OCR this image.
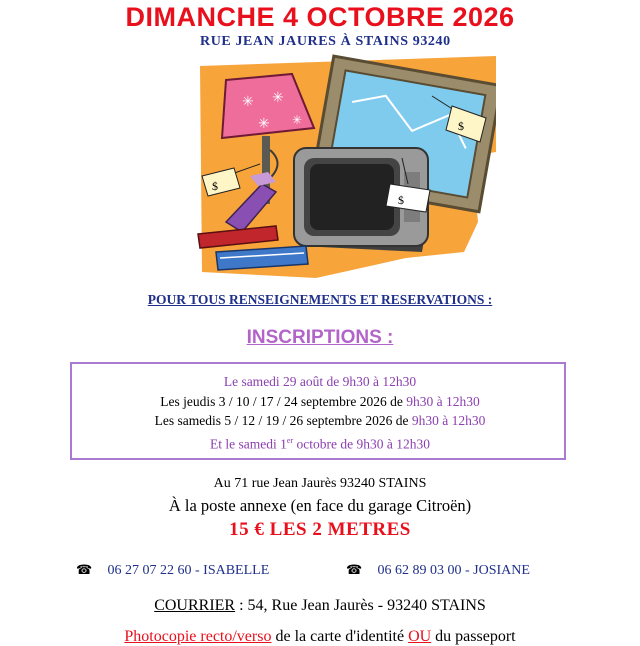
DIMANCHE 4 OCTOBRE 2026
RUE JEAN JAURES À STAINS 93240
$
$
✳ ✳
✳ ✳
$
POUR TOUS RENSEIGNEMENTS ET RESERVATIONS :
INSCRIPTIONS :
Le samedi 29 août de 9h30 à 12h30
Les jeudis 3 / 10 / 17 / 24 septembre 2026 de 9h30 à 12h30
Les samedis 5 / 12 / 19 / 26 septembre 2026 de 9h30 à 12h30
Et le samedi 1er octobre de 9h30 à 12h30
Au 71 rue Jean Jaurès 93240 STAINS
À la poste annexe (en face du garage Citroën)
15 € LES 2 METRES
☎ 06 27 07 22 60 - ISABELLE	☎ 06 62 89 03 00 - JOSIANE
COURRIER : 54, Rue Jean Jaurès - 93240 STAINS
Photocopie recto/verso de la carte d'identité OU du passeport
